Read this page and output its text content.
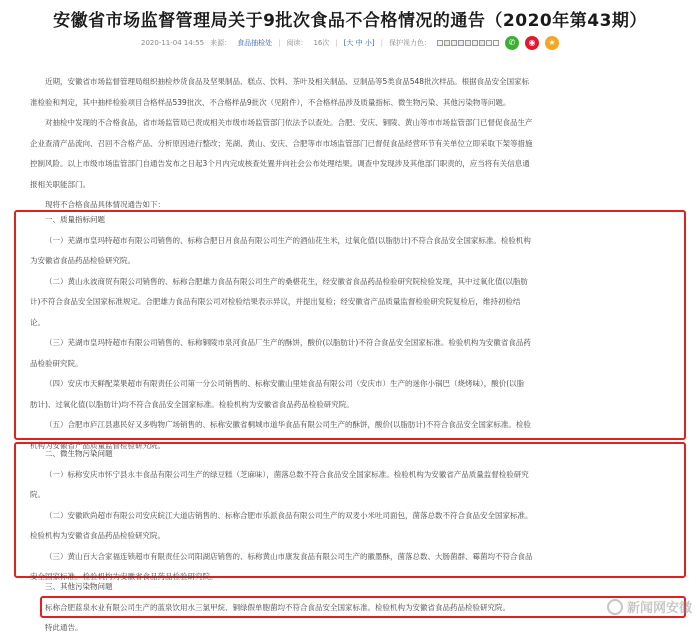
安徽省市场监督管理局关于9批次食品不合格情况的通告（2020年第43期）
2020-11-04 14:55 来源： 食品抽检处 | 阅读： 16次 | [大 中 小] | 保护视力色：	✆	◉	★
近期，安徽省市场监督管理局组织抽检炒货食品及坚果制品、糕点、饮料、茶叶及相关制品、豆制品等5类食品548批次样品。根据食品安全国家标
准检验和判定，其中抽样检验项目合格样品539批次、不合格样品9批次（见附件），不合格样品涉及质量指标、微生物污染、其他污染物等问题。
对抽检中发现的不合格食品，省市场监管局已责成相关市级市场监管部门依法予以查处。合肥、安庆、铜陵、黄山等市市场监管部门已督促食品生产
企业查清产品流向、召回不合格产品、分析原因进行整改；芜湖、黄山、安庆、合肥等市市场监管部门已督促食品经营环节有关单位立即采取下架等措施
控制风险。以上市级市场监管部门自通告发布之日起3个月内完成核查处置并向社会公布处理结果。调查中发现涉及其他部门职责的，应当将有关信息通
报相关职能部门。
现将不合格食品具体情况通告如下：
一、质量指标问题
（一）芜湖市皇玛特超市有限公司销售的、标称合肥日月食品有限公司生产的酒仙花生米，过氧化值(以脂肪计)不符合食品安全国家标准。检验机构
为安徽省食品药品检验研究院。
（二）黄山永波商贸有限公司销售的、标称合肥雄力食品有限公司生产的桑椹花生，经安徽省食品药品检验研究院检验发现，其中过氧化值(以脂肪
计)不符合食品安全国家标准规定。合肥雄力食品有限公司对检验结果表示异议，并提出复检；经安徽省产品质量监督检验研究院复检后，维持初检结
论。
（三）芜湖市皇玛特超市有限公司销售的、标称铜陵市泉河食品厂生产的酥饼，酸价(以脂肪计)不符合食品安全国家标准。检验机构为安徽省食品药
品检验研究院。
（四）安庆市天鲜配菜果超市有限责任公司第一分公司销售的、标称安徽山里娃食品有限公司（安庆市）生产的迷你小锅巴（烧烤味），酸价(以脂
肪计)、过氧化值(以脂肪计)均不符合食品安全国家标准。检验机构为安徽省食品药品检验研究院。
（五）合肥市庐江县惠民好又多购物广场销售的、标称安徽省桐城市道华食品有限公司生产的酥饼，酸价(以脂肪计)不符合食品安全国家标准。检验
机构为安徽省产品质量监督检验研究院。
二、微生物污染问题
（一）标称安庆市怀宁县永丰食品有限公司生产的绿豆糕（芝麻味），菌落总数不符合食品安全国家标准。检验机构为安徽省产品质量监督检验研究
院。
（二）安徽欧尚超市有限公司安庆皖江大道店销售的、标称合肥市乐派食品有限公司生产的双麦小米吐司面包，菌落总数不符合食品安全国家标准。
检验机构为安徽省食品药品检验研究院。
（三）黄山百大合家福连锁超市有限责任公司阳湖店销售的、标称黄山市康发食品有限公司生产的徽墨酥，菌落总数、大肠菌群、霉菌均不符合食品
安全国家标准。检验机构为安徽省食品药品检验研究院。
三、其他污染物问题
标称合肥蓝泉水业有限公司生产的蓝泉饮用水三氯甲烷、铜绿假单胞菌均不符合食品安全国家标准。检验机构为安徽省食品药品检验研究院。
特此通告。
新闻网安徽
